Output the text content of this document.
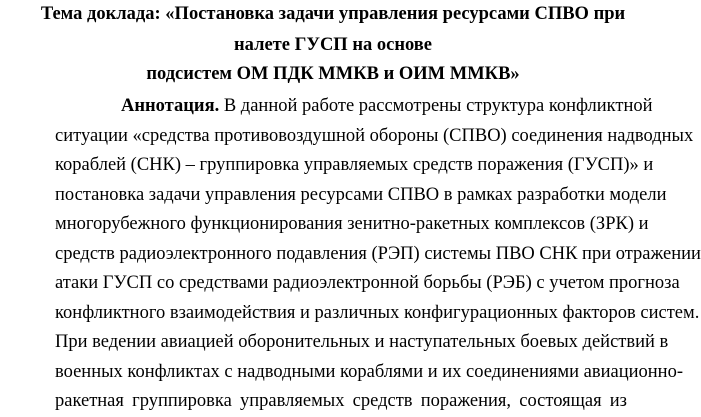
Тема доклада: «Постановка задачи управления ресурсами СПВО при
налете ГУСП на основе
подсистем ОМ ПДК ММКВ и ОИМ ММКВ»
Аннотация. В данной работе рассмотрены структура конфликтной
ситуации «средства противовоздушной обороны (СПВО) соединения надводных
кораблей (СНК) – группировка управляемых средств поражения (ГУСП)» и
постановка задачи управления ресурсами СПВО в рамках разработки модели
многорубежного функционирования зенитно-ракетных комплексов (ЗРК) и
средств радиоэлектронного подавления (РЭП) системы ПВО СНК при отражении
атаки ГУСП со средствами радиоэлектронной борьбы (РЭБ) с учетом прогноза
конфликтного взаимодействия и различных конфигурационных факторов систем.
При ведении авиацией оборонительных и наступательных боевых действий в
военных конфликтах с надводными кораблями и их соединениями авиационно-
ракетная группировка управляемых средств поражения, состоящая из
